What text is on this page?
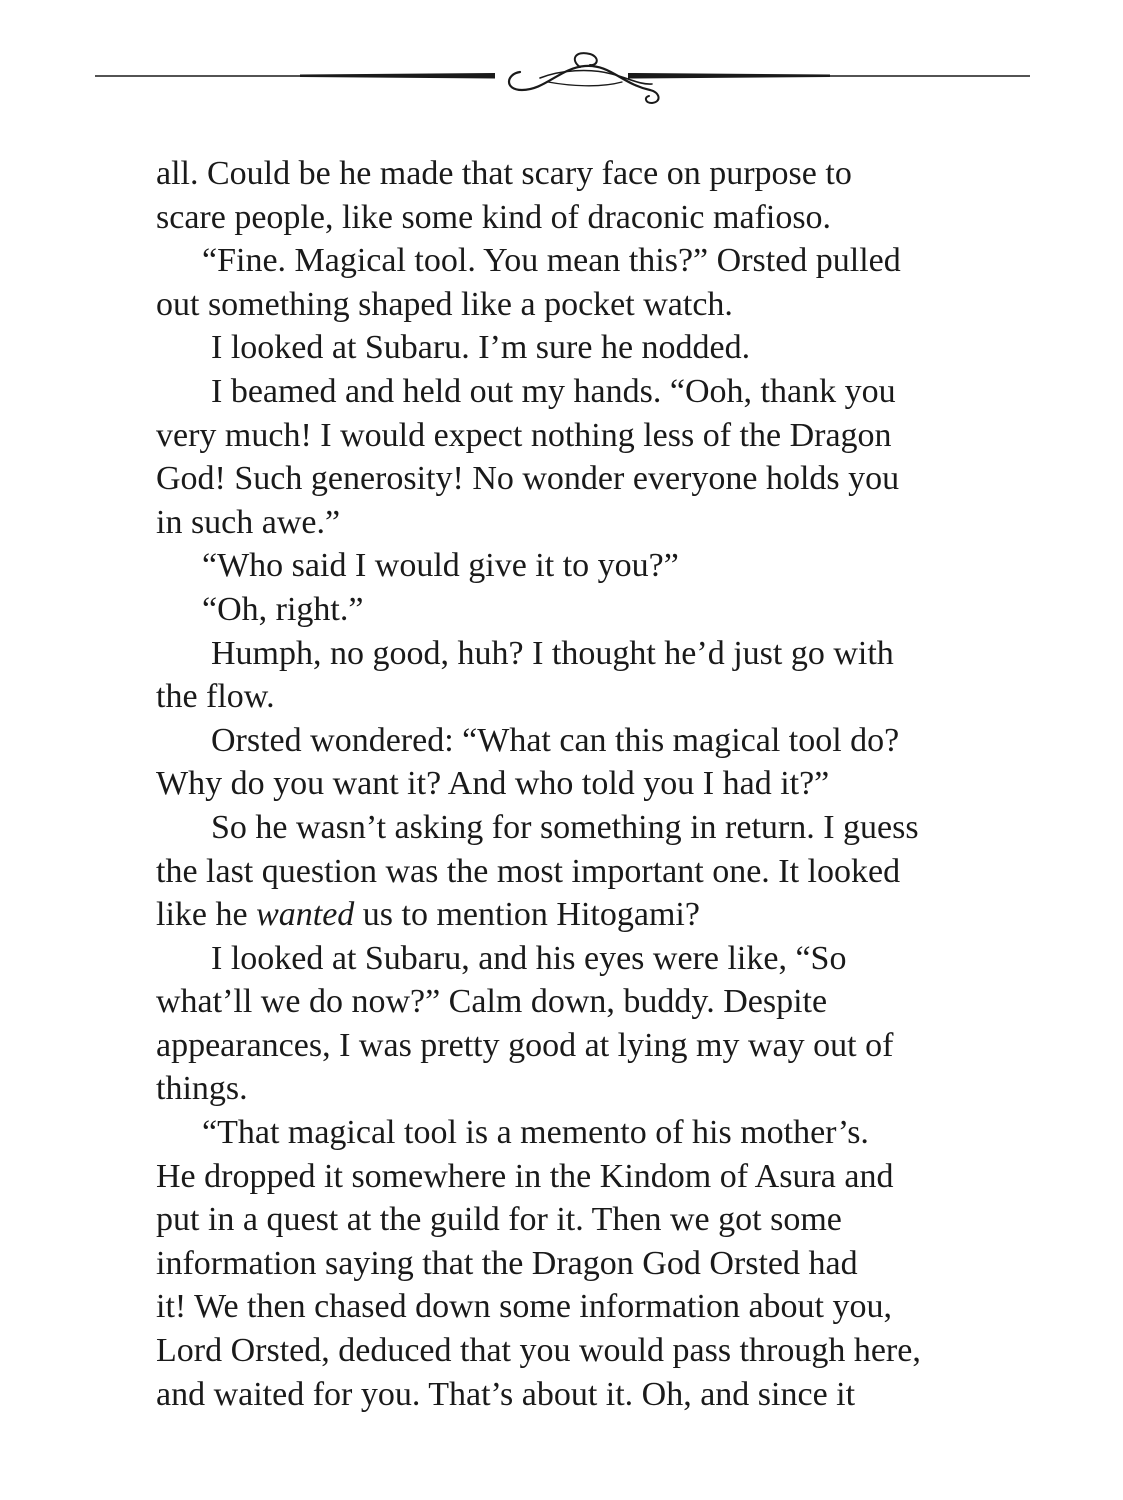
all. Could be he made that scary face on purpose to
scare people, like some kind of draconic mafioso.
“Fine. Magical tool. You mean this?” Orsted pulled
out something shaped like a pocket watch.
I looked at Subaru. I’m sure he nodded.
I beamed and held out my hands. “Ooh, thank you
very much! I would expect nothing less of the Dragon
God! Such generosity! No wonder everyone holds you
in such awe.”
“Who said I would give it to you?”
“Oh, right.”
Humph, no good, huh? I thought he’d just go with
the flow.
Orsted wondered: “What can this magical tool do?
Why do you want it? And who told you I had it?”
So he wasn’t asking for something in return. I guess
the last question was the most important one. It looked
like he wanted us to mention Hitogami?
I looked at Subaru, and his eyes were like, “So
what’ll we do now?” Calm down, buddy. Despite
appearances, I was pretty good at lying my way out of
things.
“That magical tool is a memento of his mother’s.
He dropped it somewhere in the Kindom of Asura and
put in a quest at the guild for it. Then we got some
information saying that the Dragon God Orsted had
it! We then chased down some information about you,
Lord Orsted, deduced that you would pass through here,
and waited for you. That’s about it. Oh, and since it
